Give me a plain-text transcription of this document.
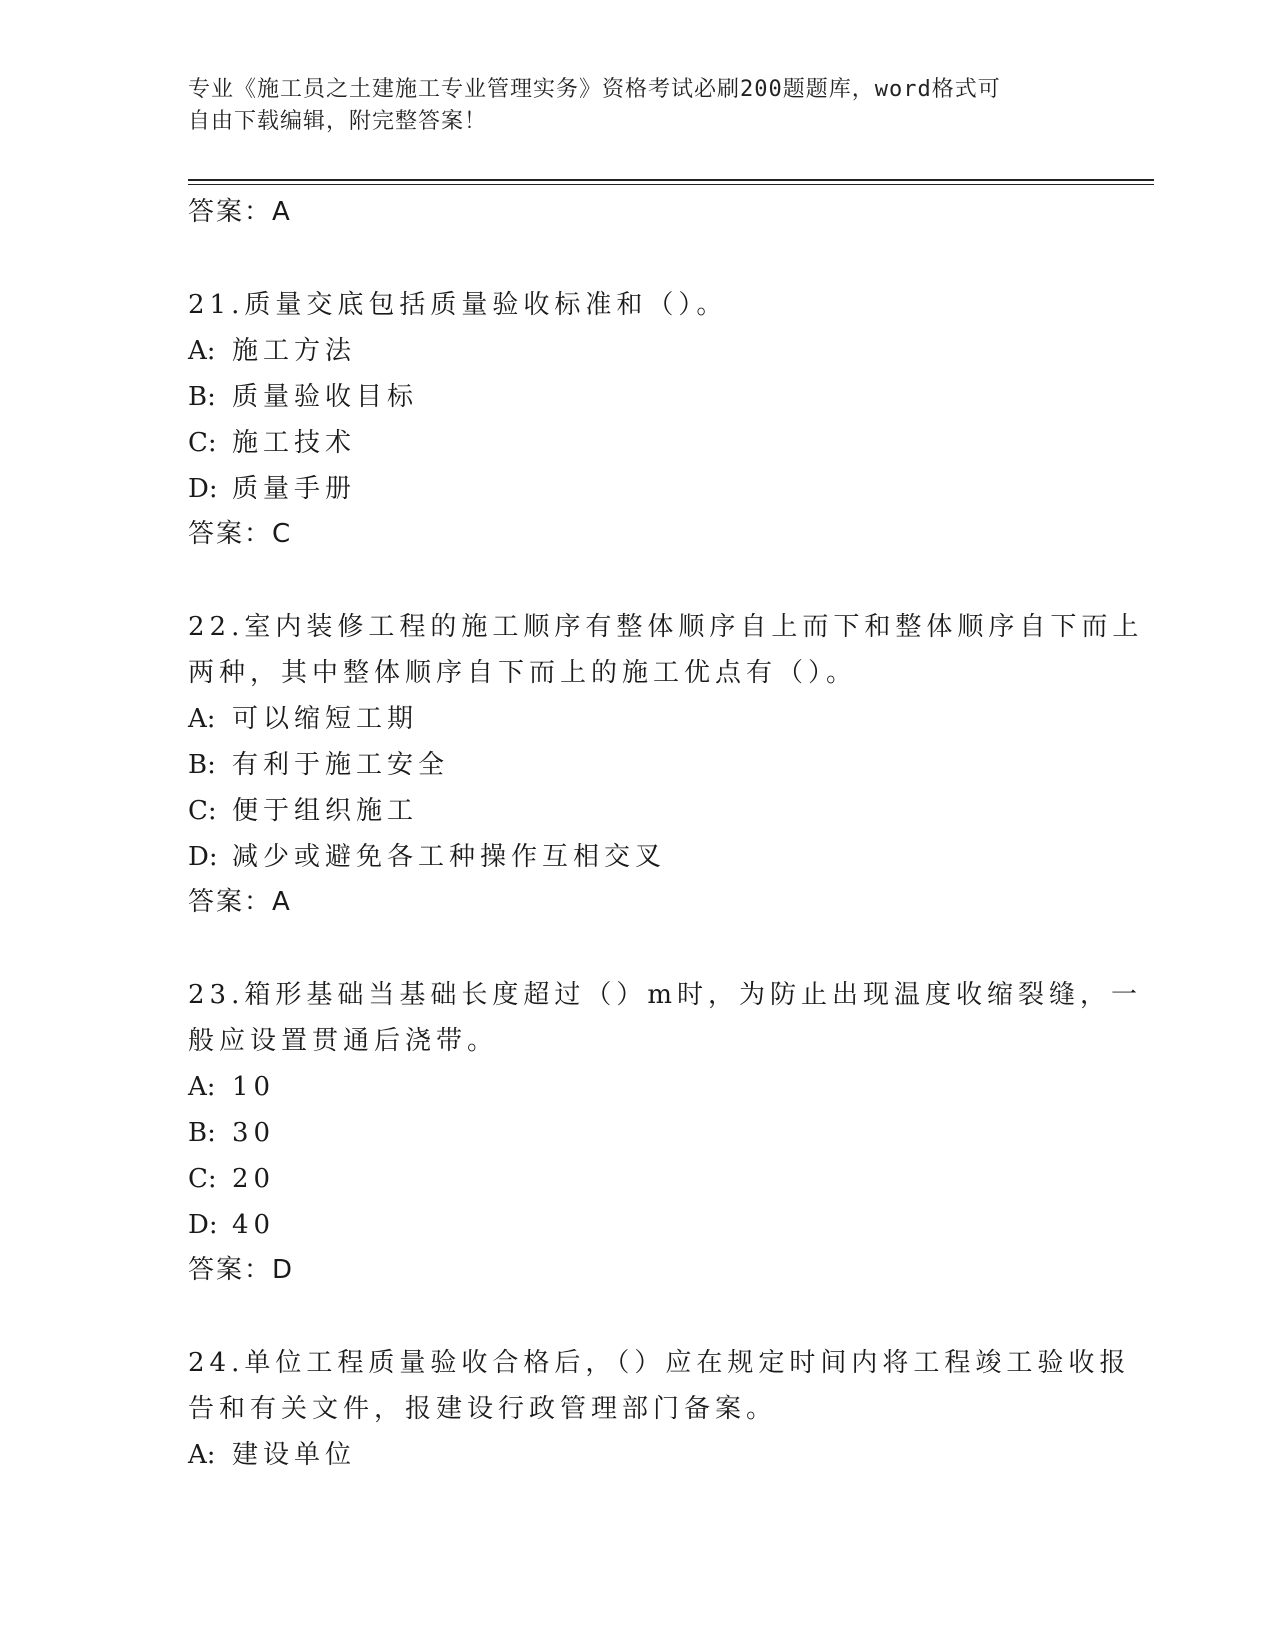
专业《施工员之土建施工专业管理实务》资格考试必刷200题题库，word格式可
自由下载编辑，附完整答案！
答案：A
21.质量交底包括质量验收标准和（）。
A: 施工方法
B: 质量验收目标
C: 施工技术
D: 质量手册
答案：C
22.室内装修工程的施工顺序有整体顺序自上而下和整体顺序自下而上
两种，其中整体顺序自下而上的施工优点有（）。
A: 可以缩短工期
B: 有利于施工安全
C: 便于组织施工
D: 减少或避免各工种操作互相交叉
答案：A
23.箱形基础当基础长度超过（）m时，为防止出现温度收缩裂缝，一
般应设置贯通后浇带。
A: 10
B: 30
C: 20
D: 40
答案：D
24.单位工程质量验收合格后，（）应在规定时间内将工程竣工验收报
告和有关文件，报建设行政管理部门备案。
A: 建设单位
